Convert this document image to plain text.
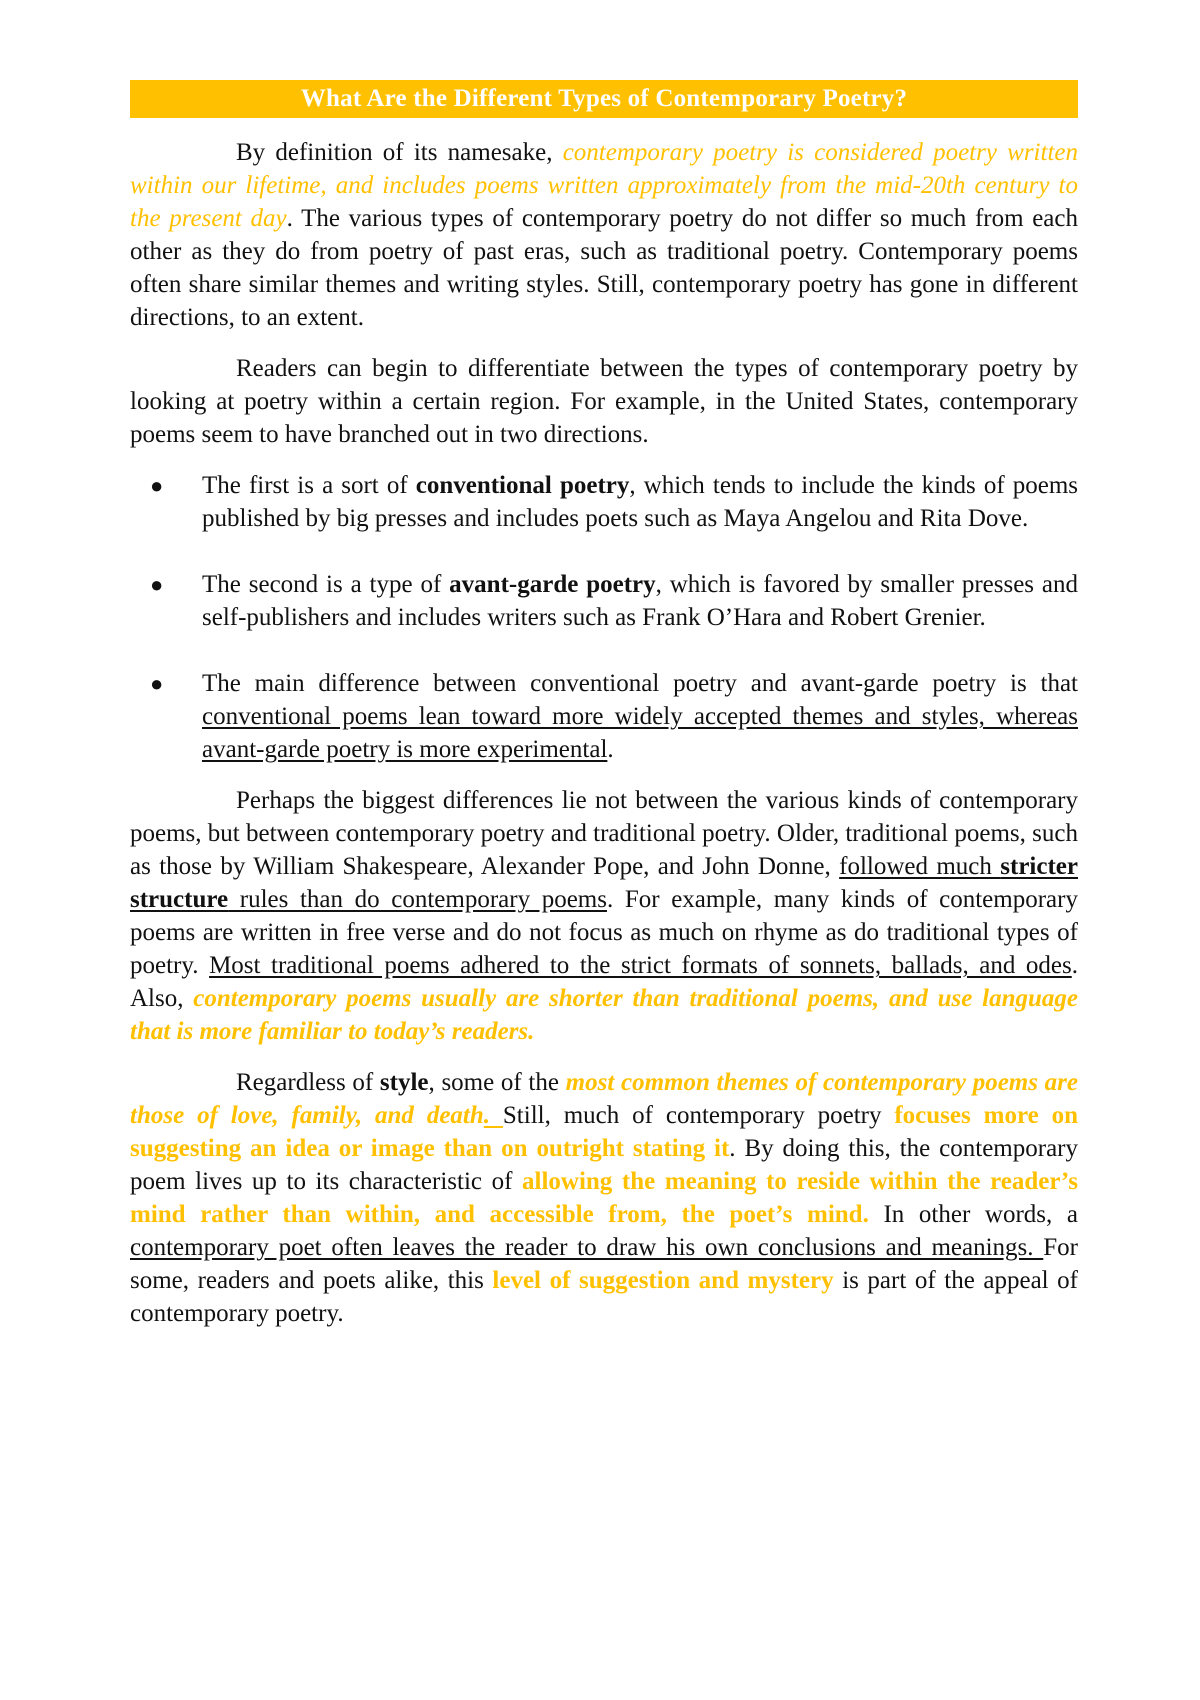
What Are the Different Types of Contemporary Poetry?

By definition of its namesake, contemporary poetry is considered poetry written within our lifetime, and includes poems written approximately from the mid-20th century to the present day. The various types of contemporary poetry do not differ so much from each other as they do from poetry of past eras, such as traditional poetry. Contemporary poems often share similar themes and writing styles. Still, contemporary poetry has gone in different directions, to an extent.

Readers can begin to differentiate between the types of contemporary poetry by looking at poetry within a certain region. For example, in the United States, contemporary poems seem to have branched out in two directions.

● The first is a sort of conventional poetry, which tends to include the kinds of poems published by big presses and includes poets such as Maya Angelou and Rita Dove.
● The second is a type of avant-garde poetry, which is favored by smaller presses and self-publishers and includes writers such as Frank O’Hara and Robert Grenier.
● The main difference between conventional poetry and avant-garde poetry is that conventional poems lean toward more widely accepted themes and styles, whereas avant-garde poetry is more experimental.

Perhaps the biggest differences lie not between the various kinds of contemporary poems, but between contemporary poetry and traditional poetry. Older, traditional poems, such as those by William Shakespeare, Alexander Pope, and John Donne, followed much stricter structure rules than do contemporary poems. For example, many kinds of contemporary poems are written in free verse and do not focus as much on rhyme as do traditional types of poetry. Most traditional poems adhered to the strict formats of sonnets, ballads, and odes. Also, contemporary poems usually are shorter than traditional poems, and use language that is more familiar to today’s readers.

Regardless of style, some of the most common themes of contemporary poems are those of love, family, and death. Still, much of contemporary poetry focuses more on suggesting an idea or image than on outright stating it. By doing this, the contemporary poem lives up to its characteristic of allowing the meaning to reside within the reader’s mind rather than within, and accessible from, the poet’s mind. In other words, a contemporary poet often leaves the reader to draw his own conclusions and meanings. For some, readers and poets alike, this level of suggestion and mystery is part of the appeal of contemporary poetry.
